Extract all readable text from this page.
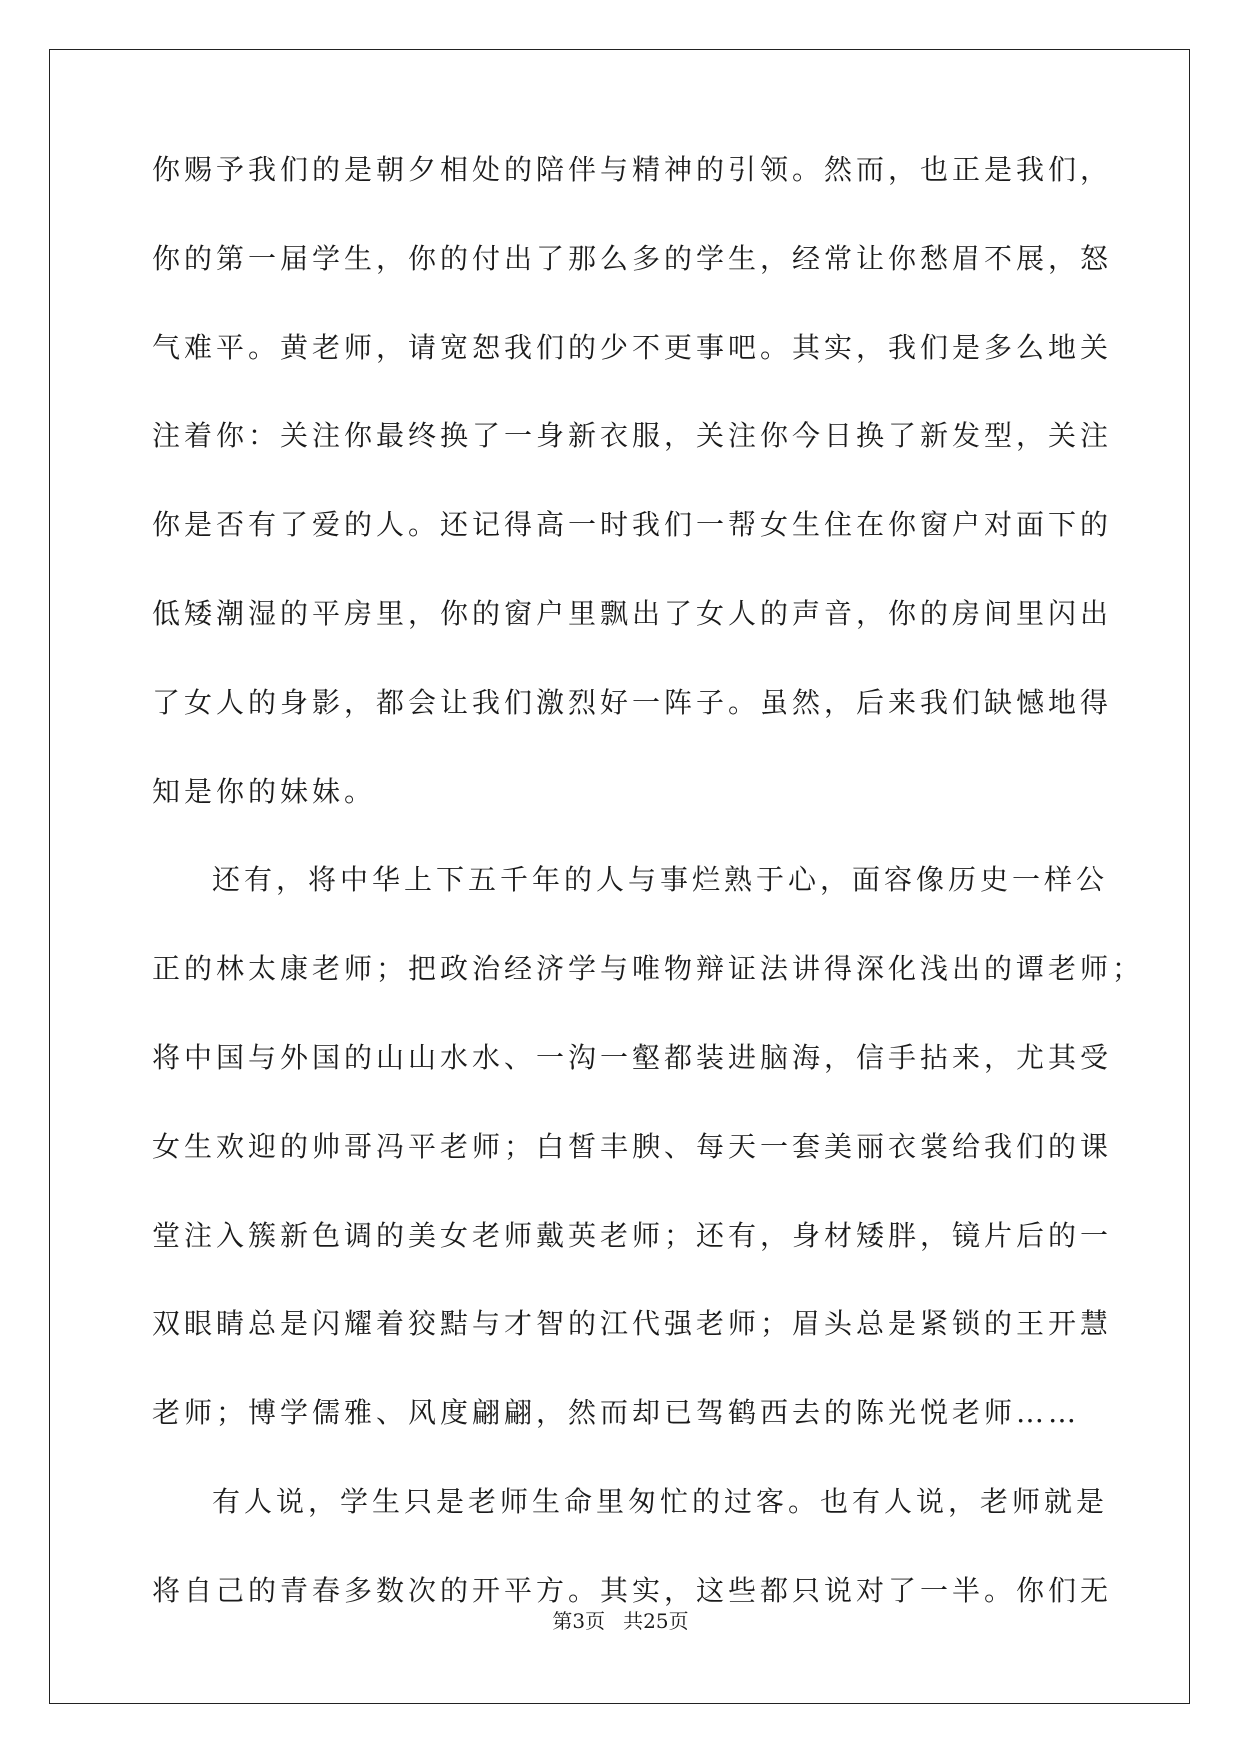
你赐予我们的是朝夕相处的陪伴与精神的引领。然而，也正是我们，
你的第一届学生，你的付出了那么多的学生，经常让你愁眉不展，怒
气难平。黄老师，请宽恕我们的少不更事吧。其实，我们是多么地关
注着你：关注你最终换了一身新衣服，关注你今日换了新发型，关注
你是否有了爱的人。还记得高一时我们一帮女生住在你窗户对面下的
低矮潮湿的平房里，你的窗户里飘出了女人的声音，你的房间里闪出
了女人的身影，都会让我们激烈好一阵子。虽然，后来我们缺憾地得
知是你的妹妹。
还有，将中华上下五千年的人与事烂熟于心，面容像历史一样公
正的林太康老师；把政治经济学与唯物辩证法讲得深化浅出的谭老师；
将中国与外国的山山水水、一沟一壑都装进脑海，信手拈来，尤其受
女生欢迎的帅哥冯平老师；白皙丰腴、每天一套美丽衣裳给我们的课
堂注入簇新色调的美女老师戴英老师；还有，身材矮胖，镜片后的一
双眼睛总是闪耀着狡黠与才智的江代强老师；眉头总是紧锁的王开慧
老师；博学儒雅、风度翩翩，然而却已驾鹤西去的陈光悦老师……
有人说，学生只是老师生命里匆忙的过客。也有人说，老师就是
将自己的青春多数次的开平方。其实，这些都只说对了一半。你们无
第3页 共25页
